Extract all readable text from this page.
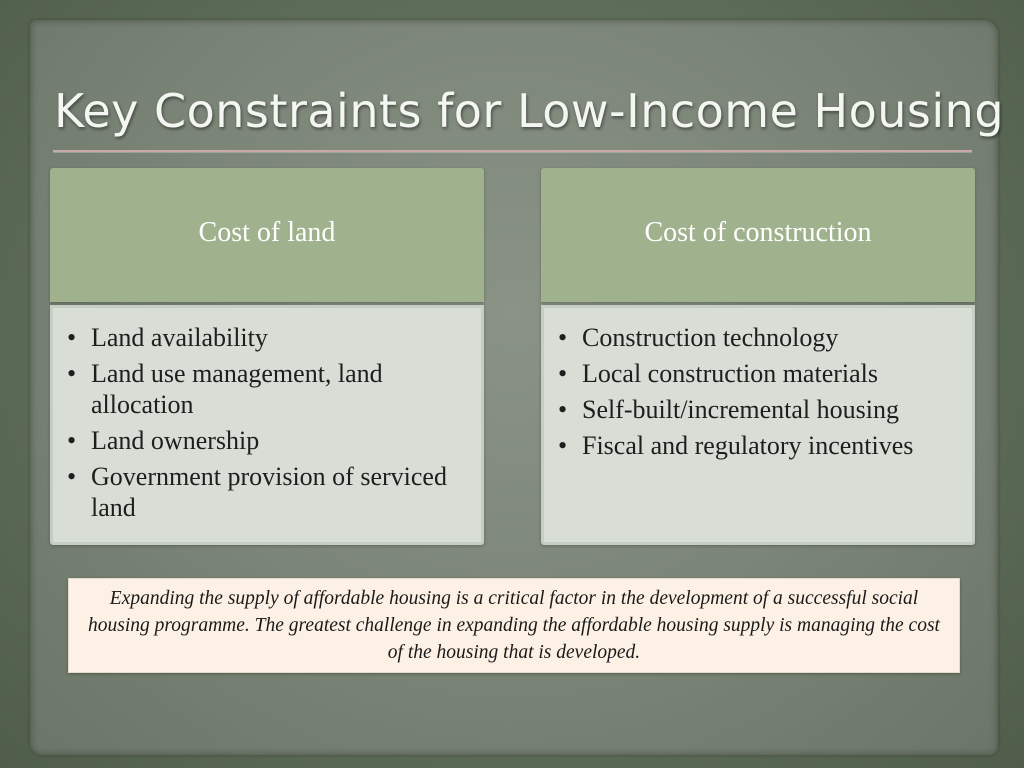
Key Constraints for Low-Income Housing
Cost of land
• Land availability
• Land use management, land allocation
• Land ownership
• Government provision of serviced land
Cost of construction
• Construction technology
• Local construction materials
• Self-built/incremental housing
• Fiscal and regulatory incentives
Expanding the supply of affordable housing is a critical factor in the development of a successful social housing programme. The greatest challenge in expanding the affordable housing supply is managing the cost of the housing that is developed.
